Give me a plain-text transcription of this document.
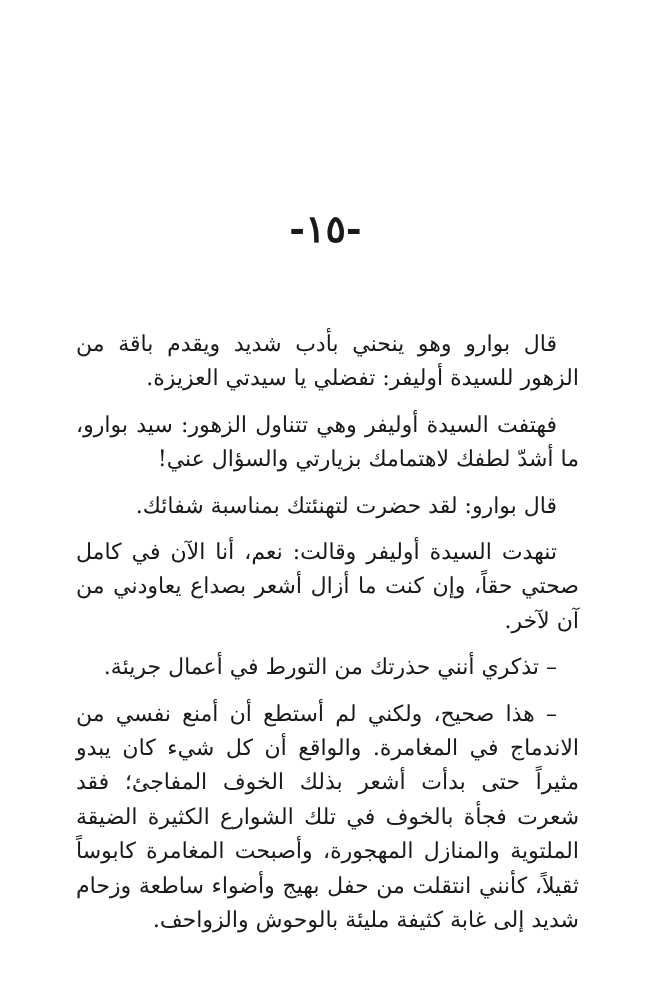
-١٥-

قال بوارو وهو ينحني بأدب شديد ويقدم باقة من الزهور للسيدة أوليفر: تفضلي يا سيدتي العزيزة.

فهتفت السيدة أوليفر وهي تتناول الزهور: سيد بوارو، ما أشدّ لطفك لاهتمامك بزيارتي والسؤال عني!

قال بوارو: لقد حضرت لتهنئتك بمناسبة شفائك.

تنهدت السيدة أوليفر وقالت: نعم، أنا الآن في كامل صحتي حقاً، وإن كنت ما أزال أشعر بصداع يعاودني من آن لآخر.

– تذكري أنني حذرتك من التورط في أعمال جريئة.

– هذا صحيح، ولكني لم أستطع أن أمنع نفسي من الاندماج في المغامرة. والواقع أن كل شيء كان يبدو مثيراً حتى بدأت أشعر بذلك الخوف المفاجئ؛ فقد شعرت فجأة بالخوف في تلك الشوارع الكثيرة الضيقة الملتوية والمنازل المهجورة، وأصبحت المغامرة كابوساً ثقيلاً، كأنني انتقلت من حفل بهيج وأضواء ساطعة وزحام شديد إلى غابة كثيفة مليئة بالوحوش والزواحف.
